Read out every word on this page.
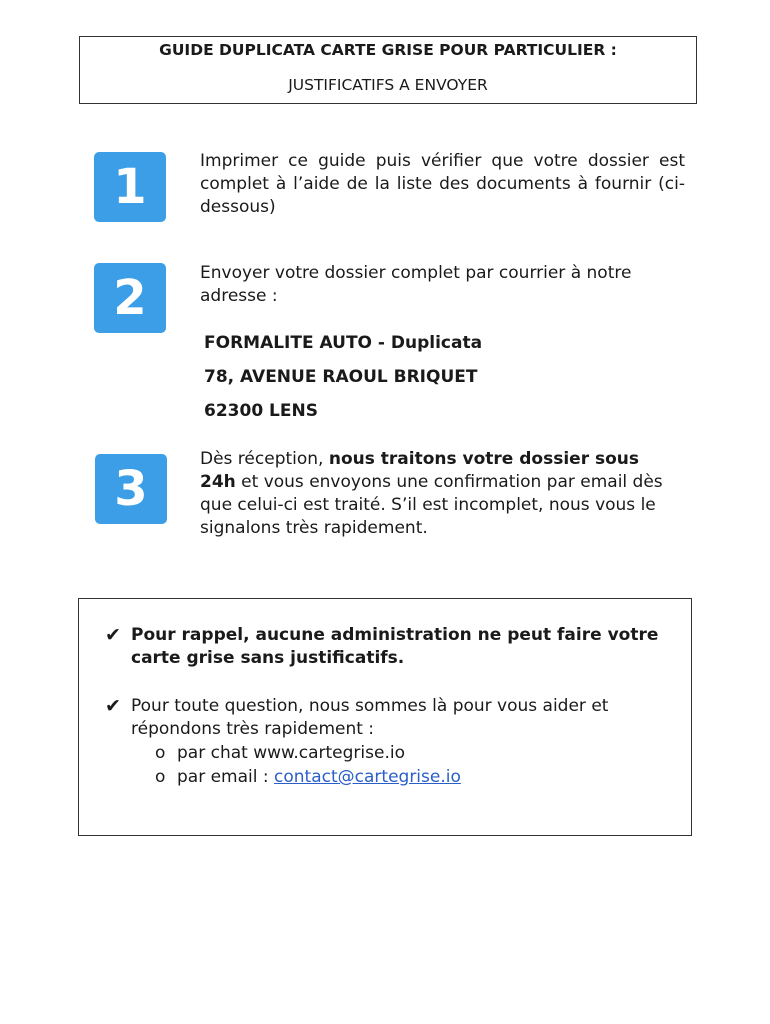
GUIDE DUPLICATA CARTE GRISE POUR PARTICULIER :
JUSTIFICATIFS A ENVOYER
1	Imprimer ce guide puis vérifier que votre dossier est complet à l’aide de la liste des documents à fournir (ci-dessous)
2	Envoyer votre dossier complet par courrier à notre adresse :
FORMALITE AUTO - Duplicata
78, AVENUE RAOUL BRIQUET
62300 LENS
3
Dès réception, nous traitons votre dossier sous 24h et vous envoyons une confirmation par email dès que celui-ci est traité. S’il est incomplet, nous vous le signalons très rapidement.
✔ Pour rappel, aucune administration ne peut faire votre carte grise sans justificatifs.
✔ Pour toute question, nous sommes là pour vous aider et répondons très rapidement :
o par chat www.cartegrise.io
o par email : contact@cartegrise.io
